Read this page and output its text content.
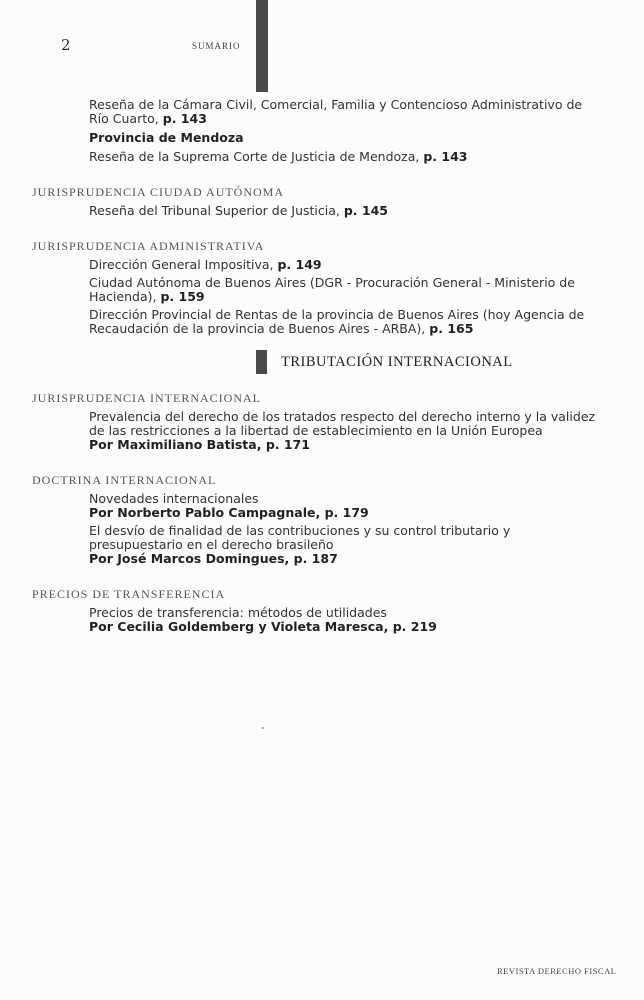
2	SUMARIO
Reseña de la Cámara Civil, Comercial, Familia y Contencioso Administrativo de Río Cuarto, p. 143
Provincia de Mendoza
Reseña de la Suprema Corte de Justicia de Mendoza, p. 143
JURISPRUDENCIA CIUDAD AUTÓNOMA
Reseña del Tribunal Superior de Justicia, p. 145
JURISPRUDENCIA ADMINISTRATIVA
Dirección General Impositiva, p. 149
Ciudad Autónoma de Buenos Aires (DGR - Procuración General - Ministerio de Hacienda), p. 159
Dirección Provincial de Rentas de la provincia de Buenos Aires (hoy Agencia de Recaudación de la provincia de Buenos Aires - ARBA), p. 165
TRIBUTACIÓN INTERNACIONAL
JURISPRUDENCIA INTERNACIONAL
Prevalencia del derecho de los tratados respecto del derecho interno y la validez de las restricciones a la libertad de establecimiento en la Unión Europea
Por Maximiliano Batista, p. 171
DOCTRINA INTERNACIONAL
Novedades internacionales
Por Norberto Pablo Campagnale, p. 179
El desvío de finalidad de las contribuciones y su control tributario y presupuestario en el derecho brasileño
Por José Marcos Domingues, p. 187
PRECIOS DE TRANSFERENCIA
Precios de transferencia: métodos de utilidades
Por Cecilia Goldemberg y Violeta Maresca, p. 219
REVISTA DERECHO FISCAL
